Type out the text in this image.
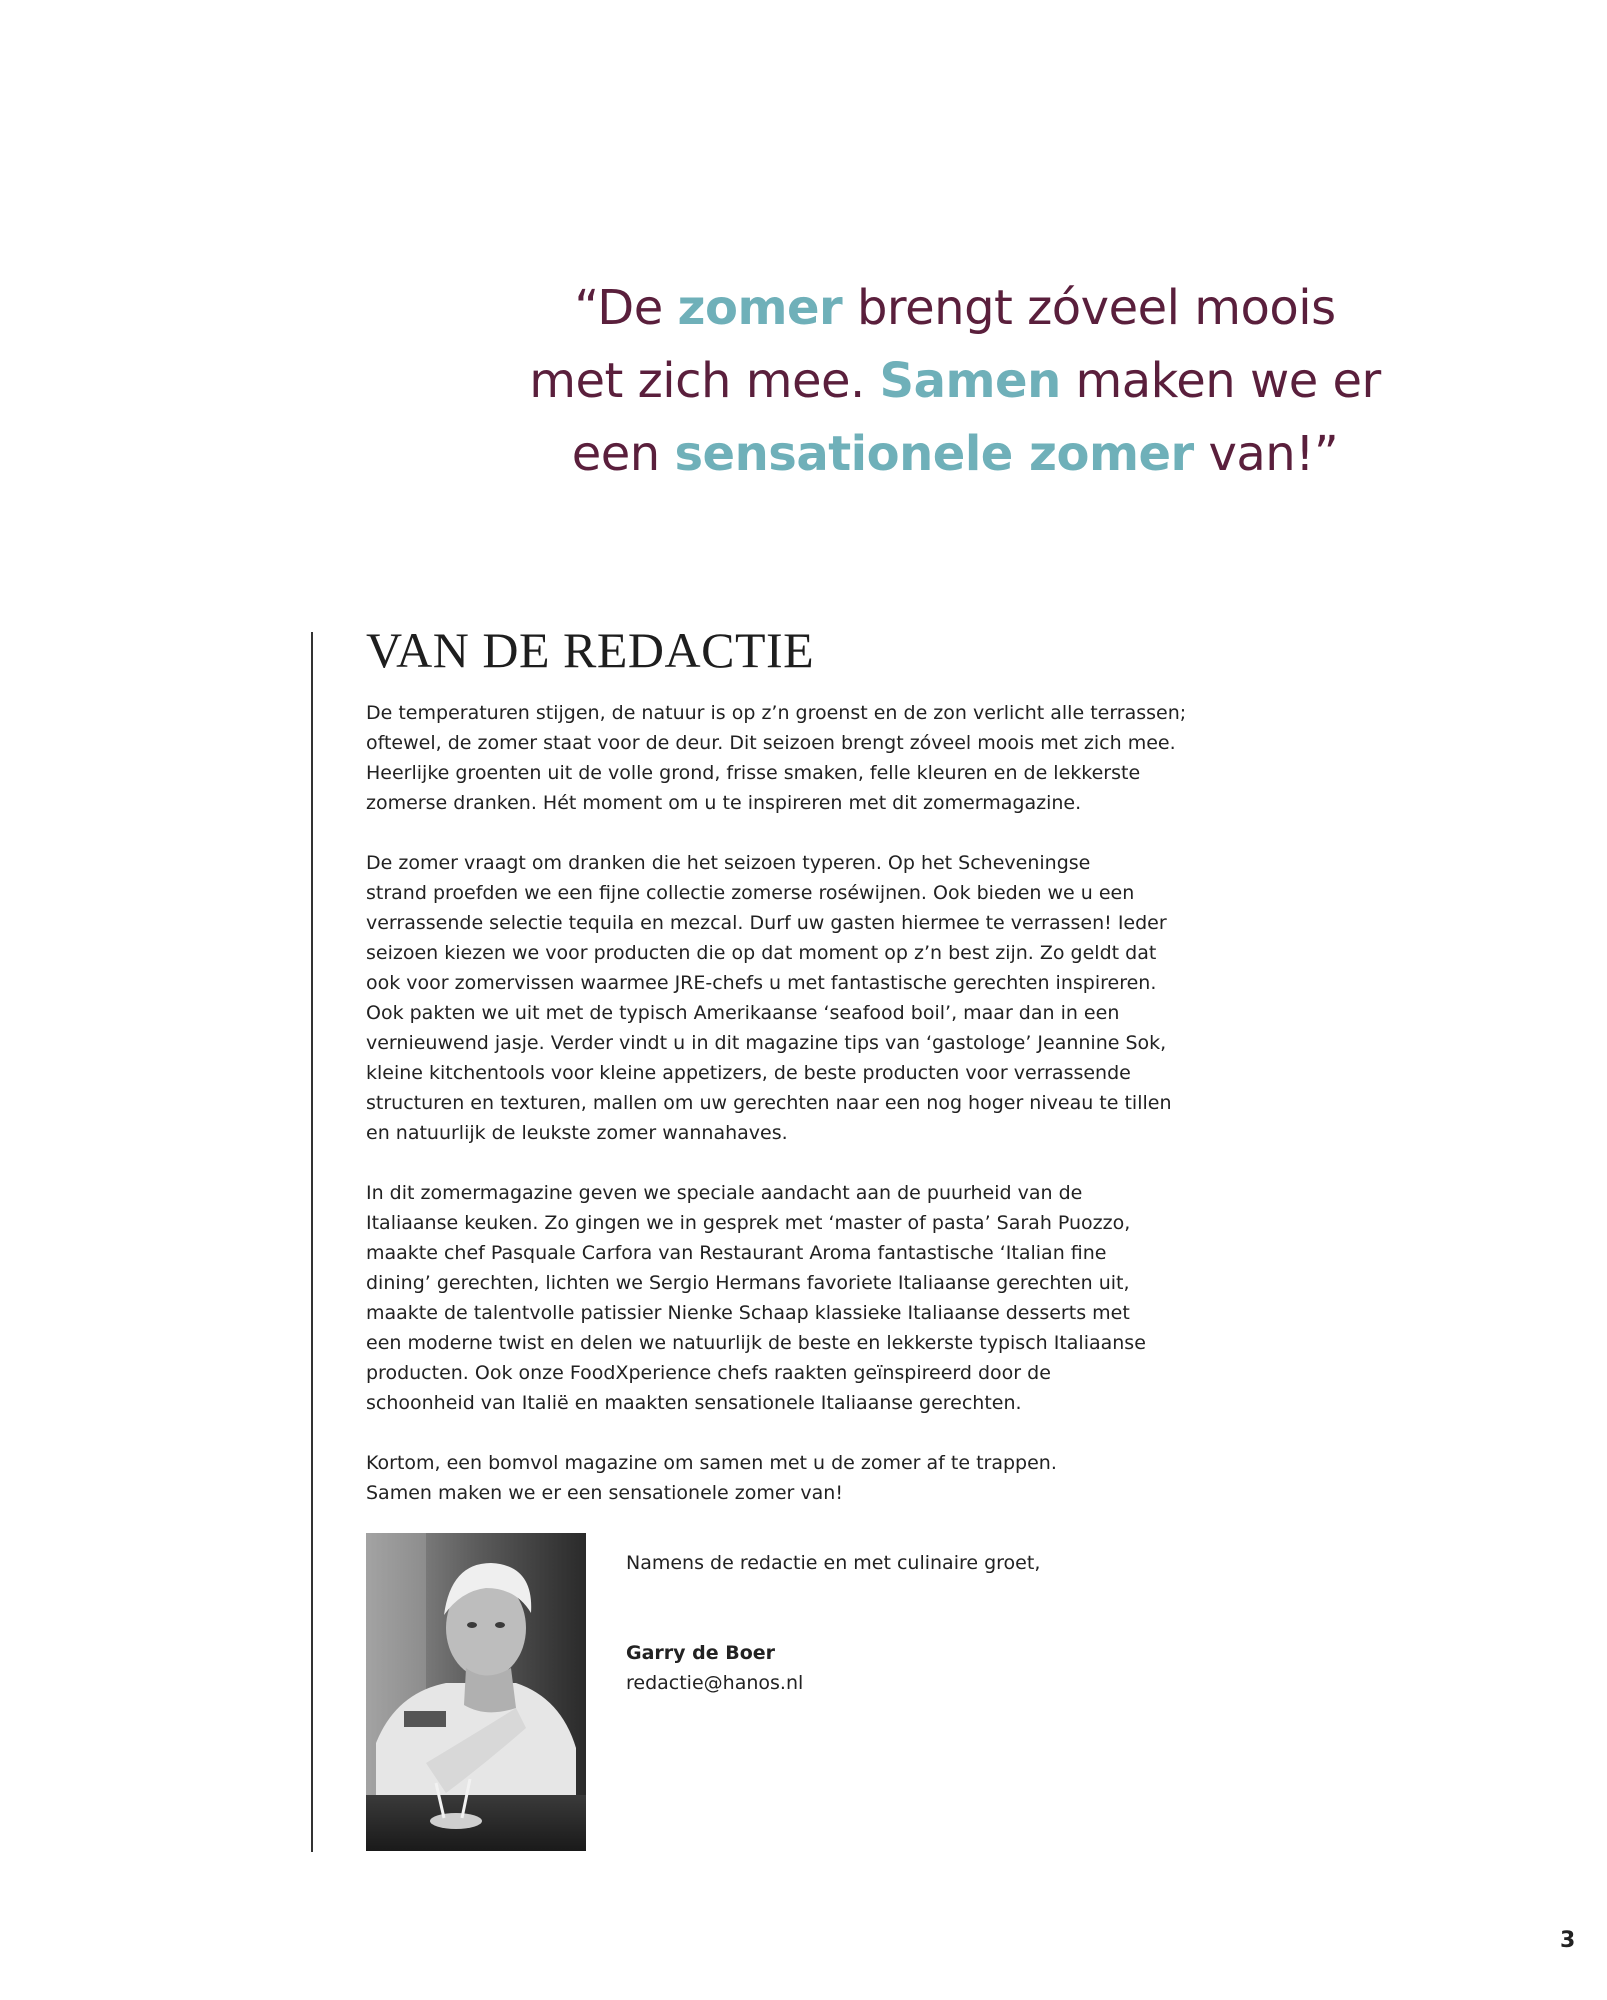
“De zomer brengt zóveel moois
met zich mee. Samen maken we er
een sensationele zomer van!”
VAN DE REDACTIE

De temperaturen stijgen, de natuur is op z’n groenst en de zon verlicht alle terrassen;
oftewel, de zomer staat voor de deur. Dit seizoen brengt zóveel moois met zich mee.
Heerlijke groenten uit de volle grond, frisse smaken, felle kleuren en de lekkerste
zomerse dranken. Hét moment om u te inspireren met dit zomermagazine.

De zomer vraagt om dranken die het seizoen typeren. Op het Scheveningse
strand proefden we een fijne collectie zomerse roséwijnen. Ook bieden we u een
verrassende selectie tequila en mezcal. Durf uw gasten hiermee te verrassen! Ieder
seizoen kiezen we voor producten die op dat moment op z’n best zijn. Zo geldt dat
ook voor zomervissen waarmee JRE-chefs u met fantastische gerechten inspireren.
Ook pakten we uit met de typisch Amerikaanse ‘seafood boil’, maar dan in een
vernieuwend jasje. Verder vindt u in dit magazine tips van ‘gastologe’ Jeannine Sok,
kleine kitchentools voor kleine appetizers, de beste producten voor verrassende
structuren en texturen, mallen om uw gerechten naar een nog hoger niveau te tillen
en natuurlijk de leukste zomer wannahaves.

In dit zomermagazine geven we speciale aandacht aan de puurheid van de
Italiaanse keuken. Zo gingen we in gesprek met ‘master of pasta’ Sarah Puozzo,
maakte chef Pasquale Carfora van Restaurant Aroma fantastische ‘Italian fine
dining’ gerechten, lichten we Sergio Hermans favoriete Italiaanse gerechten uit,
maakte de talentvolle patissier Nienke Schaap klassieke Italiaanse desserts met
een moderne twist en delen we natuurlijk de beste en lekkerste typisch Italiaanse
producten. Ook onze FoodXperience chefs raakten geïnspireerd door de
schoonheid van Italië en maakten sensationele Italiaanse gerechten.

Kortom, een bomvol magazine om samen met u de zomer af te trappen.
Samen maken we er een sensationele zomer van!

Namens de redactie en met culinaire groet,
Garry de Boer
redactie@hanos.nl
3
